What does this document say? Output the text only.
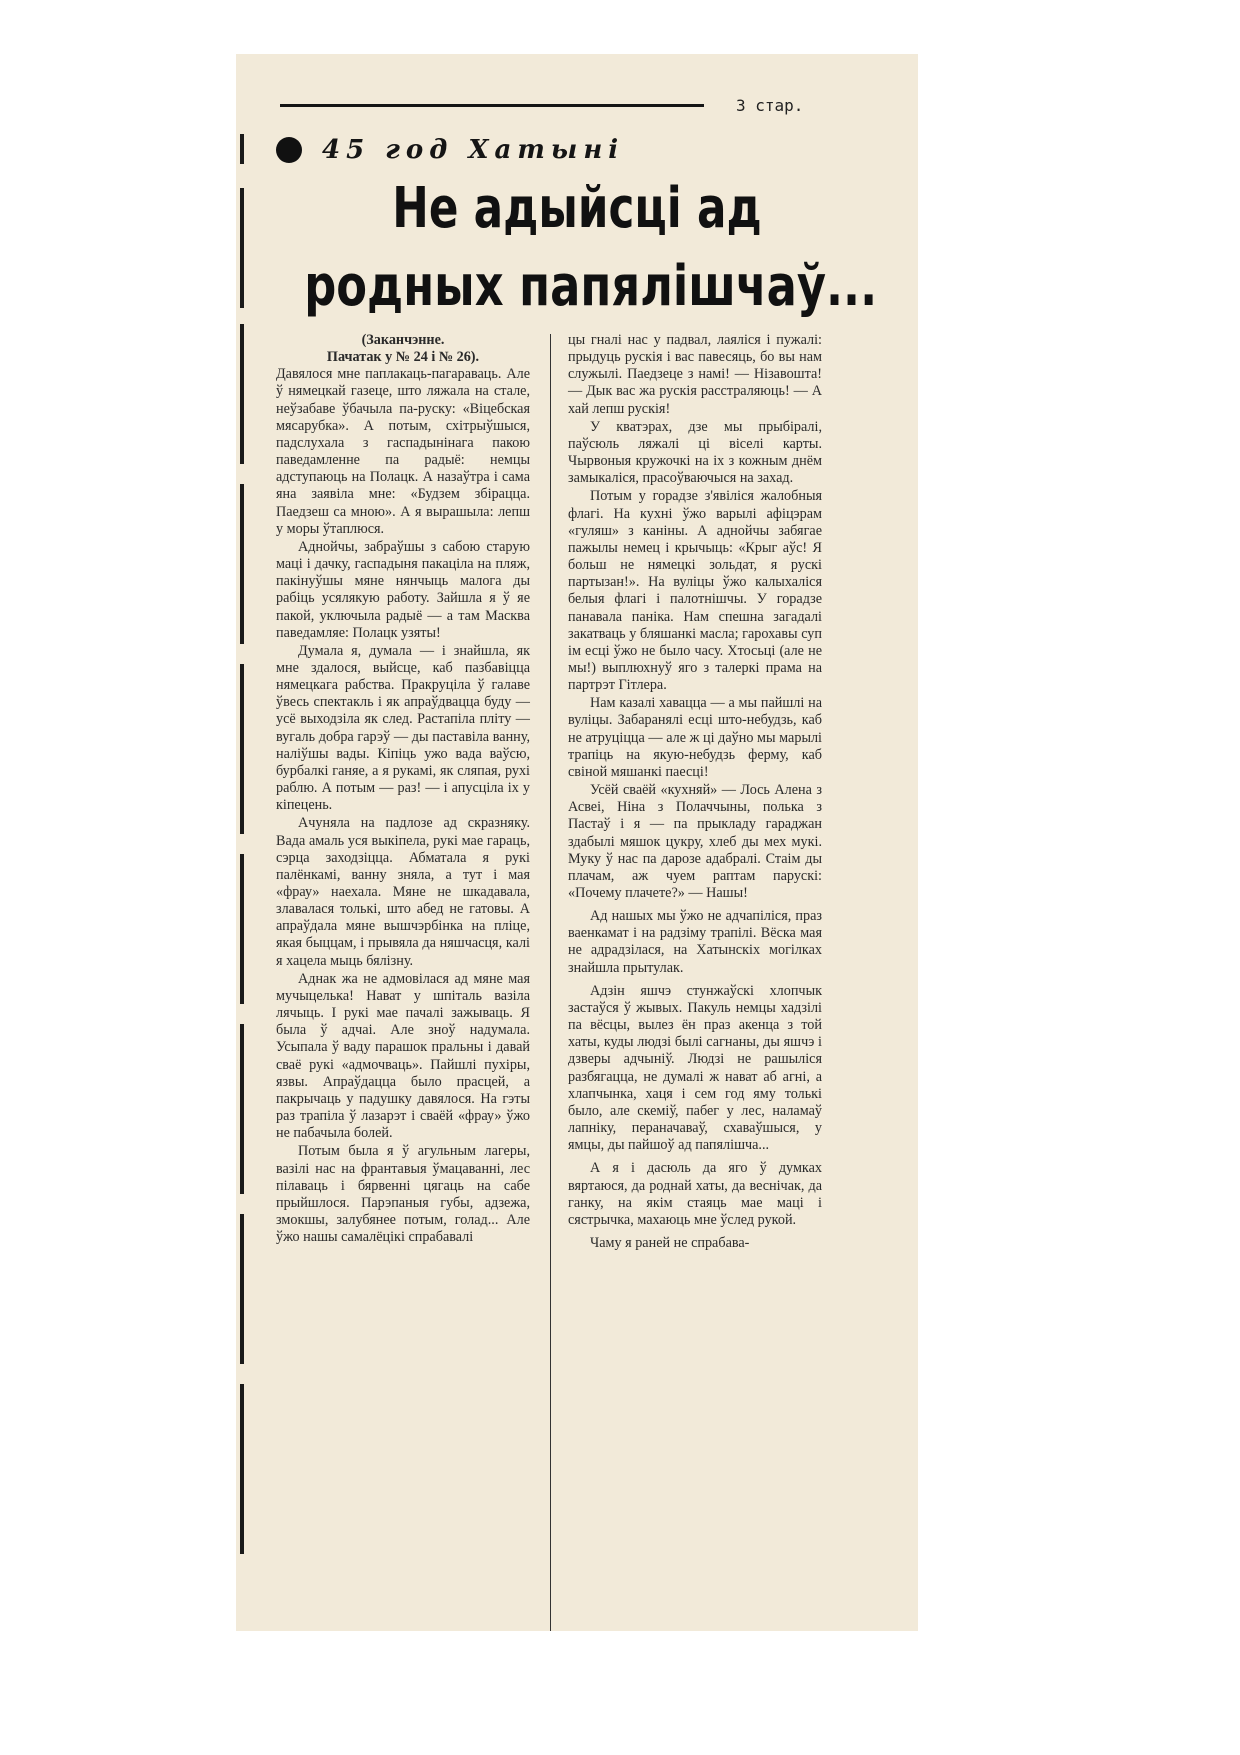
3 стар.
45 год Хатыні
Не адыйсці ад
родных папялішчаў...

(Заканчэнне.

Пачатак у № 24 і № 26).

Давялося мне паплакаць-пагараваць. Але ў нямецкай газеце, што ляжала на стале, неўзабаве ўбачыла па-руску: «Віцебская мясарубка». А потым, схітрыўшыся, падслухала з гаспадынінага пакою паведамленне па радыё: немцы адступаюць на Полацк. А назаўтра і сама яна заявіла мне: «Будзем збірацца. Паедзеш са мною». А я вырашыла: лепш у моры ўтаплюся.

Аднойчы, забраўшы з сабою старую маці і дачку, гаспадыня пакаціла на пляж, пакінуўшы мяне нянчыць малога ды рабіць усялякую работу. Зайшла я ў яе пакой, уключыла радыё — а там Масква паведамляе: Полацк узяты!

Думала я, думала — і знайшла, як мне здалося, выйсце, каб пазбавіцца нямецкага рабства. Пракруціла ў галаве ўвесь спектакль і як апраўдвацца буду — усё выходзіла як след. Растапіла пліту — вугаль добра гарэў — ды паставіла ванну, наліўшы вады. Кіпіць ужо вада ваўсю, бурбалкі ганяе, а я рукамі, як сляпая, рухі раблю. А потым — раз! — і апусціла іх у кіпецень.

Ачуняла на падлозе ад скразняку. Вада амаль уся выкіпела, рукі мае гараць, сэрца заходзіцца. Абматала я рукі палёнкамі, ванну зняла, а тут і мая «фрау» наехала. Мяне не шкадавала, злавалася толькі, што абед не гатовы. А апраўдала мяне вышчэрбінка на пліце, якая быццам, і прывяла да няшчасця, калі я хацела мыць бялізну.

Аднак жа не адмовілася ад мяне мая мучыцелька! Нават у шпіталь вазіла лячыць. І рукі мае пачалі зажываць. Я была ў адчаі. Але зноў надумала. Усыпала ў ваду парашок пральны і давай сваё рукі «адмочваць». Пайшлі пухіры, язвы. Апраўдацца было прасцей, а пакрычаць у падушку давялося. На гэты раз трапіла ў лазарэт і сваёй «фрау» ўжо не пабачыла болей.

Потым была я ў агульным лагеры, вазілі нас на франтавыя ўмацаванні, лес пілаваць і бярвенні цягаць на сабе прыйшлося. Парэпаныя губы, адзежа, змокшы, залубянее потым, голад... Але ўжо нашы самалёцікі спрабавалі

цы гналі нас у падвал, лаяліся і пужалі: прыдуць рускія і вас павесяць, бо вы нам служылі. Паедзеце з намі! — Нізавошта! — Дык вас жа рускія расстраляюць! — А хай лепш рускія!

У кватэрах, дзе мы прыбіралі, паўсюль ляжалі ці віселі карты. Чырвоныя кружочкі на іх з кожным днём замыкаліся, прасоўваючыся на захад.

Потым у горадзе з'явіліся жалобныя флагі. На кухні ўжо варылі афіцэрам «гуляш» з каніны. А аднойчы забягае пажылы немец і крычыць: «Крыг аўс! Я больш не нямецкі зольдат, я рускі партызан!». На вуліцы ўжо калыхаліся белыя флагі і палотнішчы. У горадзе панавала паніка. Нам спешна загадалі закатваць у бляшанкі масла; гарохавы суп ім есці ўжо не было часу. Хтосьці (але не мы!) выплюхнуў яго з талеркі прама на партрэт Гітлера.

Нам казалі хавацца — а мы пайшлі на вуліцы. Забаранялі есці што-небудзь, каб не атруціцца — але ж ці даўно мы марылі трапіць на якую-небудзь ферму, каб свіной мяшанкі паесці!

Усёй сваёй «кухняй» — Лось Алена з Асвеі, Ніна з Полаччыны, полька з Пастаў і я — па прыкладу гараджан здабылі мяшок цукру, хлеб ды мех мукі. Муку ў нас па дарозе адабралі. Стаім ды плачам, аж чуем раптам парускі: «Почему плачете?» — Нашы!

Ад нашых мы ўжо не адчапіліся, праз ваенкамат і на радзіму трапілі. Вёска мая не адрадзілася, на Хатынскіх могілках знайшла прытулак.

Адзін яшчэ стунжаўскі хлопчык застаўся ў жывых. Пакуль немцы хадзілі па вёсцы, вылез ён праз акенца з той хаты, куды людзі былі сагнаны, ды яшчэ і дзверы адчыніў. Людзі не рашыліся разбягацца, не думалі ж нават аб агні, а хлапчынка, хаця і сем год яму толькі было, але скеміў, пабег у лес, наламаў лапніку, пераначаваў, схаваўшыся, у ямцы, ды пайшоў ад папялішча...

А я і дасюль да яго ў думках вяртаюся, да роднай хаты, да веснічак, да ганку, на якім стаяць мае маці і сястрычка, махаюць мне ўслед рукой.

Чаму я раней не спрабава-
